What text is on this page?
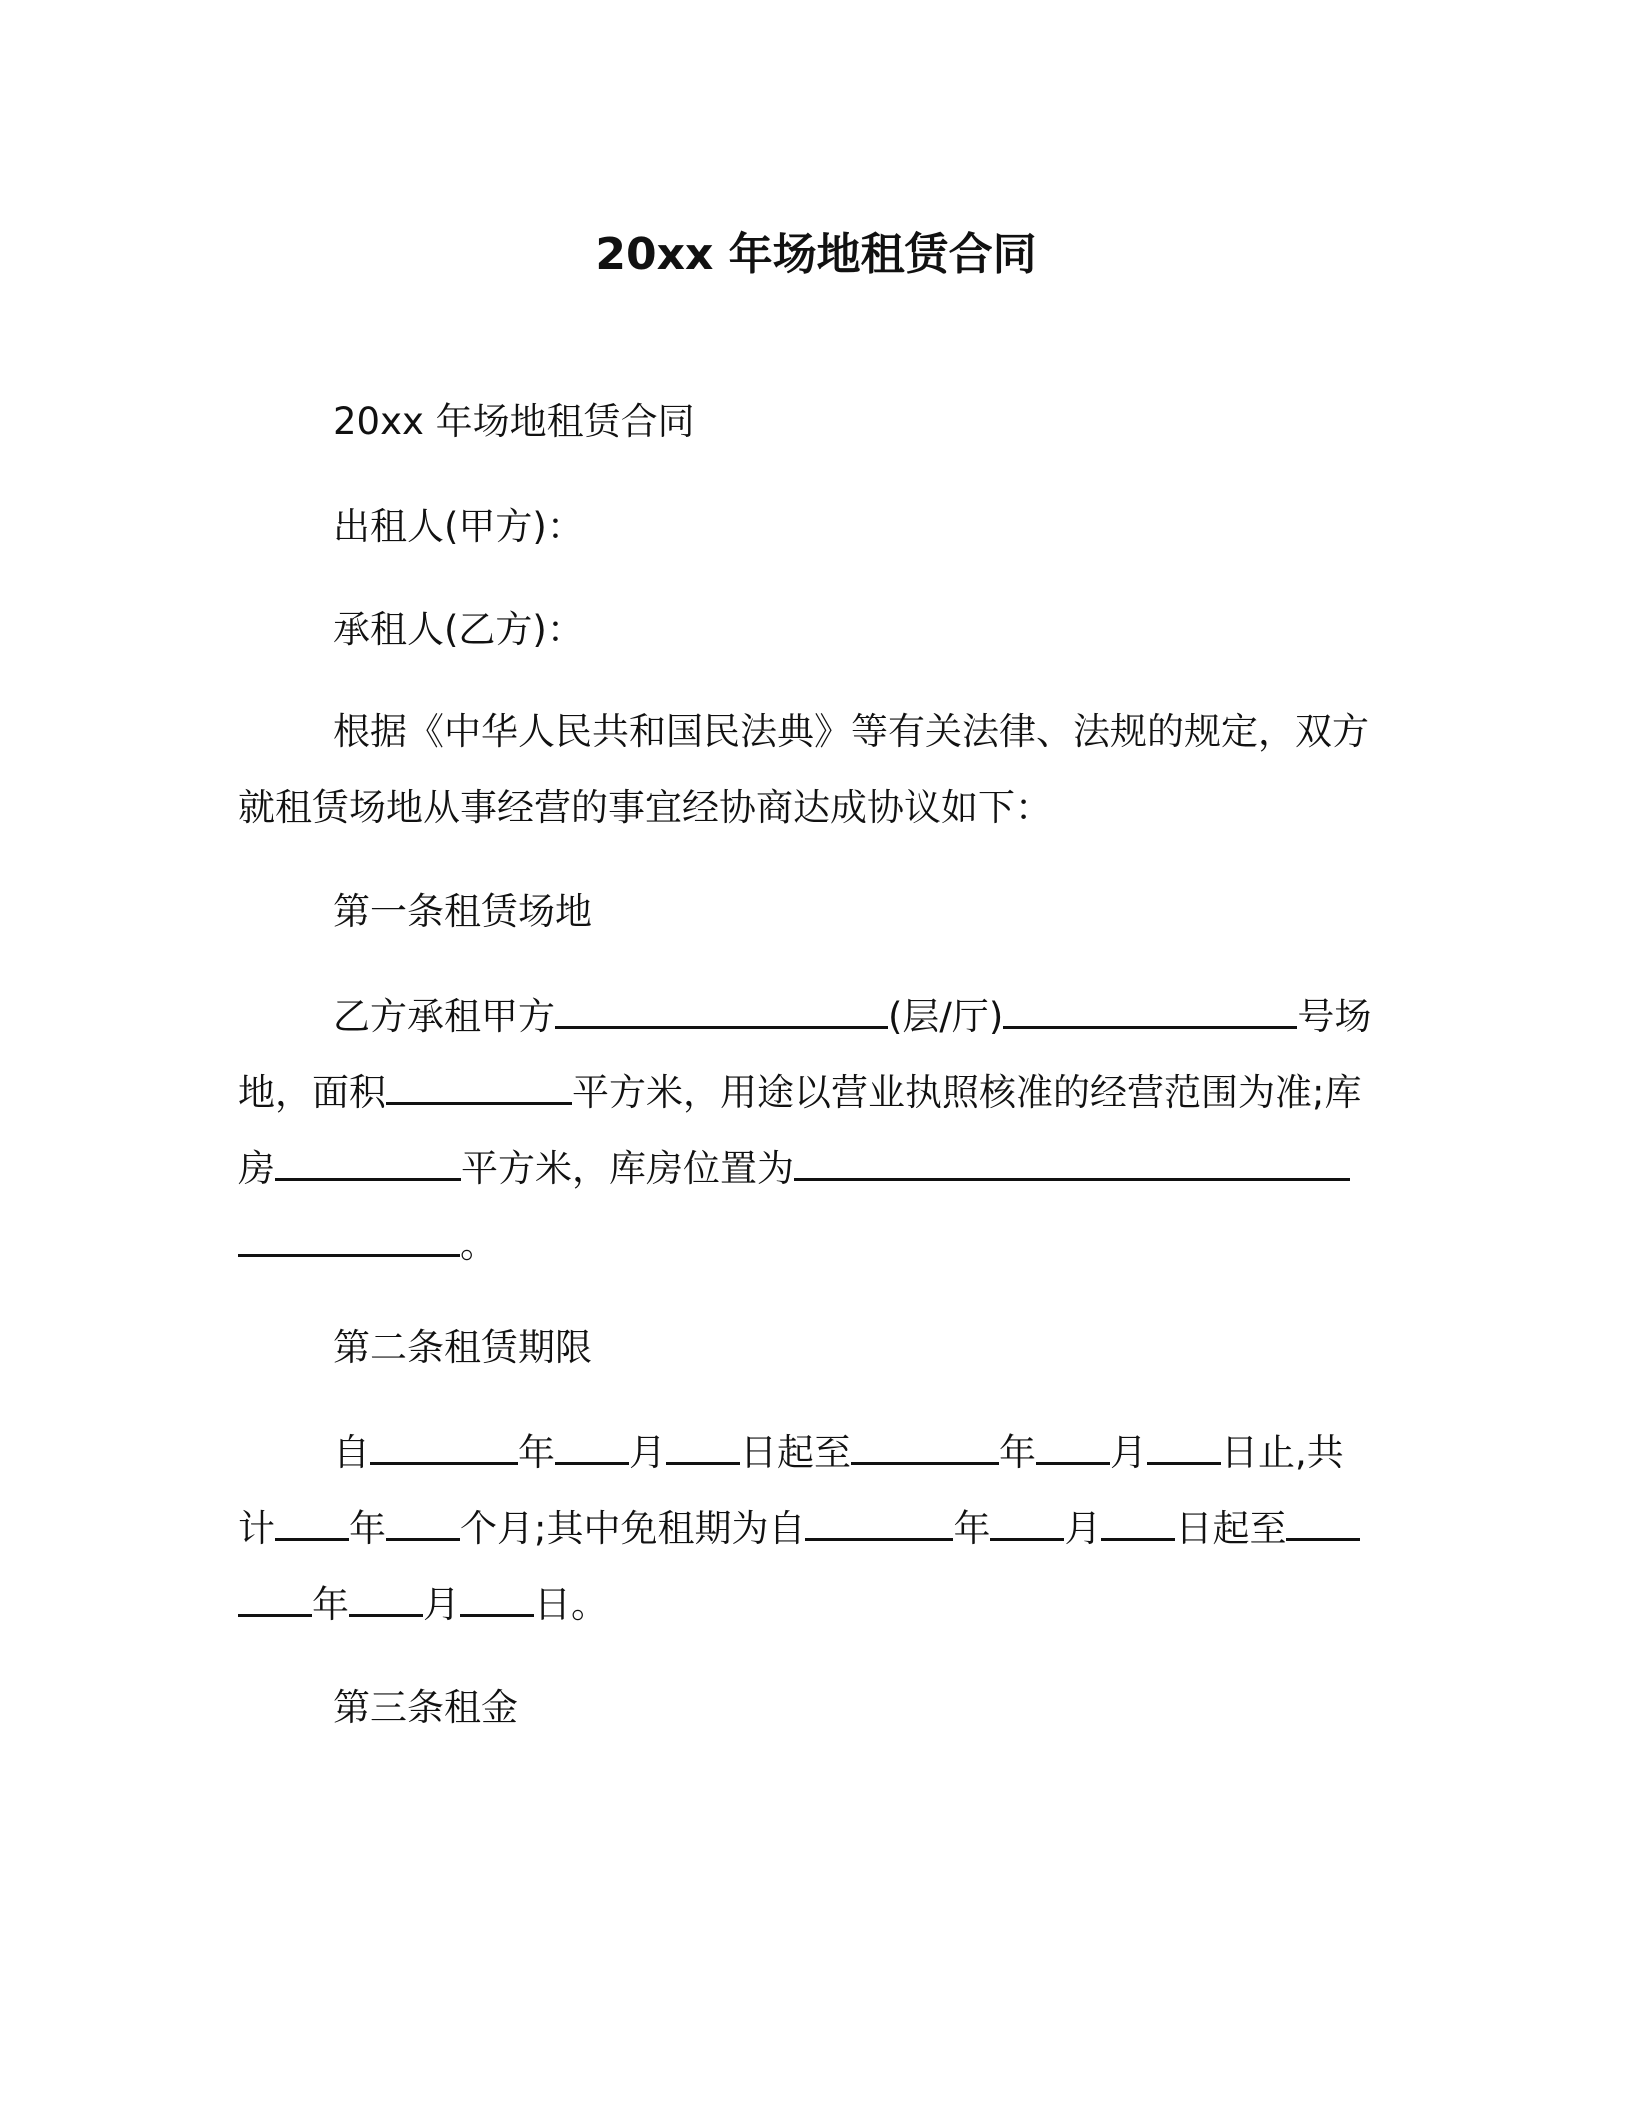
20xx 年场地租赁合同
20xx 年场地租赁合同
出租人(甲方)：
承租人(乙方)：
根据《中华人民共和国民法典》等有关法律、法规的规定，双方
就租赁场地从事经营的事宜经协商达成协议如下：
第一条租赁场地
乙方承租甲方	(层/厅)	号场
地，面积	平方米，用途以营业执照核准的经营范围为准;库
房	平方米，库房位置为
。
第二条租赁期限
自	年 月 日起至	年 月 日止,共
计 年 个月;其中免租期为自	年 月 日起至
年 月 日。
第三条租金
